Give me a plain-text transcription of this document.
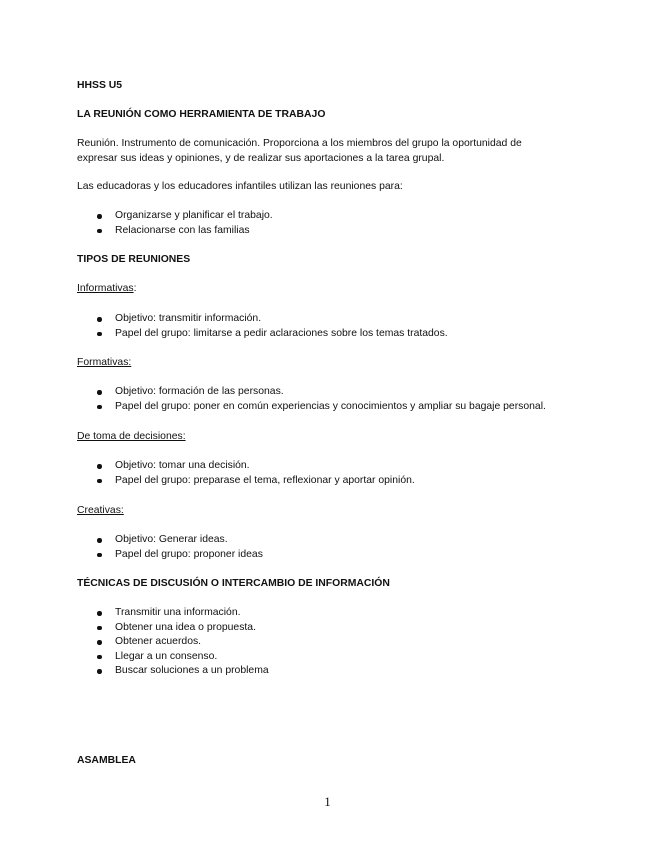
HHSS U5
LA REUNIÓN COMO HERRAMIENTA DE TRABAJO
Reunión. Instrumento de comunicación. Proporciona a los miembros del grupo la oportunidad de
expresar sus ideas y opiniones, y de realizar sus aportaciones a la tarea grupal.
Las educadoras y los educadores infantiles utilizan las reuniones para:
Organizarse y planificar el trabajo.
Relacionarse con las familias
TIPOS DE REUNIONES
Informativas:
Objetivo: transmitir información.
Papel del grupo: limitarse a pedir aclaraciones sobre los temas tratados.
Formativas:
Objetivo: formación de las personas.
Papel del grupo: poner en común experiencias y conocimientos y ampliar su bagaje personal.
De toma de decisiones:
Objetivo: tomar una decisión.
Papel del grupo: preparase el tema, reflexionar y aportar opinión.
Creativas:
Objetivo: Generar ideas.
Papel del grupo: proponer ideas
TÉCNICAS DE DISCUSIÓN O INTERCAMBIO DE INFORMACIÓN
Transmitir una información.
Obtener una idea o propuesta.
Obtener acuerdos.
Llegar a un consenso.
Buscar soluciones a un problema
ASAMBLEA
1
